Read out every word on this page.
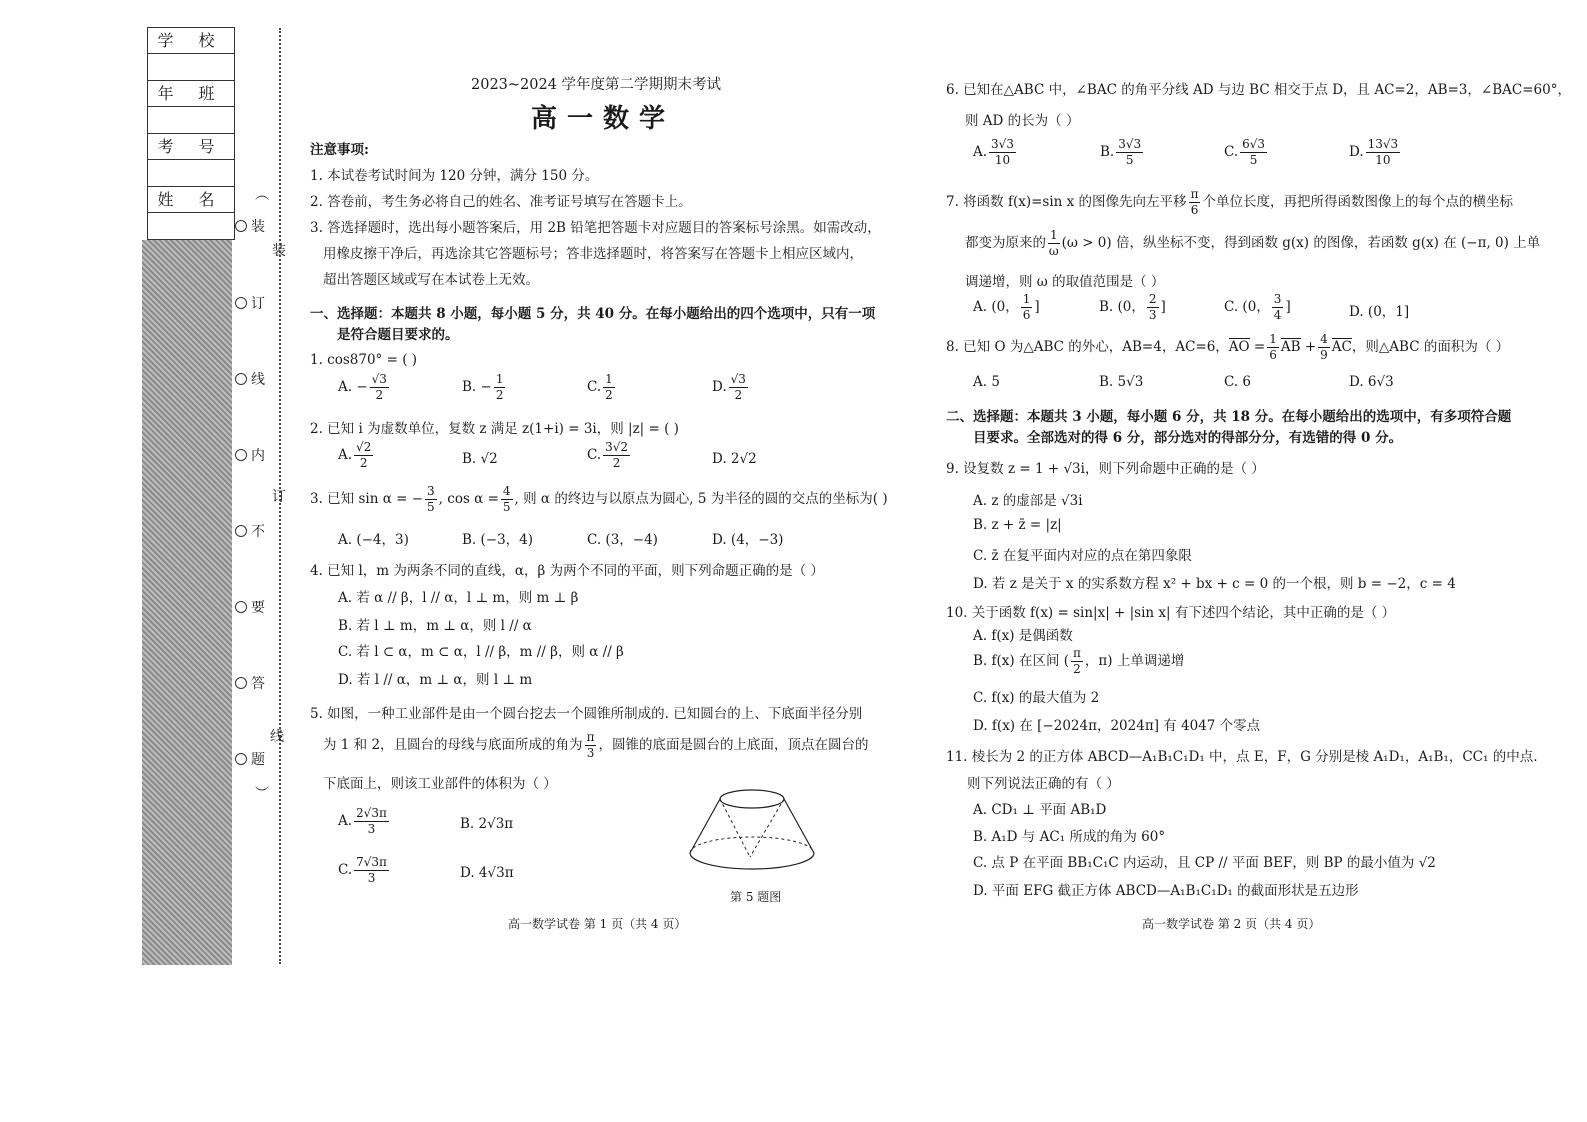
学 校
年 班
考 号
姓 名	︵
︶
装
订
线
内
不
要
答
题
装
订
线
2023~2024 学年度第二学期期末考试
高一数学
注意事项:
1. 本试卷考试时间为 120 分钟，满分 150 分。
2. 答卷前，考生务必将自己的姓名、准考证号填写在答题卡上。
3. 答选择题时，选出每小题答案后，用 2B 铅笔把答题卡对应题目的答案标号涂黑。如需改动，
用橡皮擦干净后，再选涂其它答题标号；答非选择题时，将答案写在答题卡上相应区域内，
超出答题区域或写在本试卷上无效。
一、选择题：本题共 8 小题，每小题 5 分，共 40 分。在每小题给出的四个选项中，只有一项
是符合题目要求的。
1. cos870° = ( )
A. − $\frac{√3}{2}$	B. − $\frac{1}{2}$	C. $\frac{1}{2}$	D. $\frac{√3}{2}$
2. 已知 i 为虚数单位，复数 z 满足 z(1+i) = 3i，则 |z| = ( )
A. $\frac{√2}{2}$	B. √2	C. $\frac{3√2}{2}$	D. 2√2
3. 已知 sin α = − $\frac{3}{5}$ , $\cos \alpha = \frac{4}{5}$ , 则 α 的终边与以原点为圆心, 5 为半径的圆的交点的坐标为( )
A. (−4，3)	B. (−3，4)	C. (3，−4)	D. (4，−3)
4. 已知 l，m 为两条不同的直线，α，β 为两个不同的平面，则下列命题正确的是（ ）
A. 若 α // β，l // α，l ⊥ m，则 m ⊥ β
B. 若 l ⊥ m，m ⊥ α，则 l // α
C. 若 l ⊂ α，m ⊂ α，l // β，m // β，则 α // β
D. 若 l // α，m ⊥ α，则 l ⊥ m
5. 如图，一种工业部件是由一个圆台挖去一个圆锥所制成的. 已知圆台的上、下底面半径分别
为 1 和 2，且圆台的母线与底面所成的角为 $\frac{\pi}{3}$ ，圆锥的底面是圆台的上底面，顶点在圆台的
下底面上，则该工业部件的体积为（ ）
A. $\frac{2√3\pi}{3}$	B. 2√3π
C. $\frac{7√3\pi}{3}$	D. 4√3π
第 5 题图
高一数学试卷 第 1 页（共 4 页）
6. 已知在△ABC 中，∠BAC 的角平分线 AD 与边 BC 相交于点 D，且 AC=2，AB=3，∠BAC=60°，
则 AD 的长为（ ）
A. $\frac{3√3}{10}$	B. $\frac{3√3}{5}$	C. $\frac{6√3}{5}$	D. $\frac{13√3}{10}$
7. 将函数 f(x)=sin x 的图像先向左平移 $\frac{\pi}{6}$ 个单位长度，再把所得函数图像上的每个点的横坐标
都变为原来的 $\frac{1}{\omega} (\omega > 0)$ 倍，纵坐标不变，得到函数 g(x) 的图像，若函数 g(x) 在 (−π, 0) 上单
调递增，则 ω 的取值范围是（ ）
A. (0， $\frac{1}{6}$ ]	B. (0， $\frac{2}{3}$ ]	C. (0， $\frac{3}{4}$ ]	D. (0，1]
8. 已知 O 为△ABC 的外心，AB=4，AC=6，AO = $\frac{1}{6}$ AB + $\frac{4}{9}$ AC，则△ABC 的面积为（ ）
A. 5	B. 5√3	C. 6	D. 6√3
二、选择题：本题共 3 小题，每小题 6 分，共 18 分。在每小题给出的选项中，有多项符合题
目要求。全部选对的得 6 分，部分选对的得部分分，有选错的得 0 分。
9. 设复数 z = 1 + √3i，则下列命题中正确的是（ ）
A. z 的虚部是 √3i
B. z + z̄ = |z|
C. z̄ 在复平面内对应的点在第四象限
D. 若 z 是关于 x 的实系数方程 x² + bx + c = 0 的一个根，则 b = −2，c = 4
10. 关于函数 f(x) = sin|x| + |sin x| 有下述四个结论，其中正确的是（ ）
A. f(x) 是偶函数
B. f(x) 在区间 ( $\frac{\pi}{2}$ ，π) 上单调递增
C. f(x) 的最大值为 2
D. f(x) 在 [−2024π，2024π] 有 4047 个零点
11. 棱长为 2 的正方体 ABCD—A₁B₁C₁D₁ 中，点 E，F，G 分别是棱 A₁D₁，A₁B₁，CC₁ 的中点.
则下列说法正确的有（ ）
A. CD₁ ⊥ 平面 AB₁D
B. A₁D 与 AC₁ 所成的角为 60°
C. 点 P 在平面 BB₁C₁C 内运动，且 CP // 平面 BEF，则 BP 的最小值为 √2
D. 平面 EFG 截正方体 ABCD—A₁B₁C₁D₁ 的截面形状是五边形
高一数学试卷 第 2 页（共 4 页）
